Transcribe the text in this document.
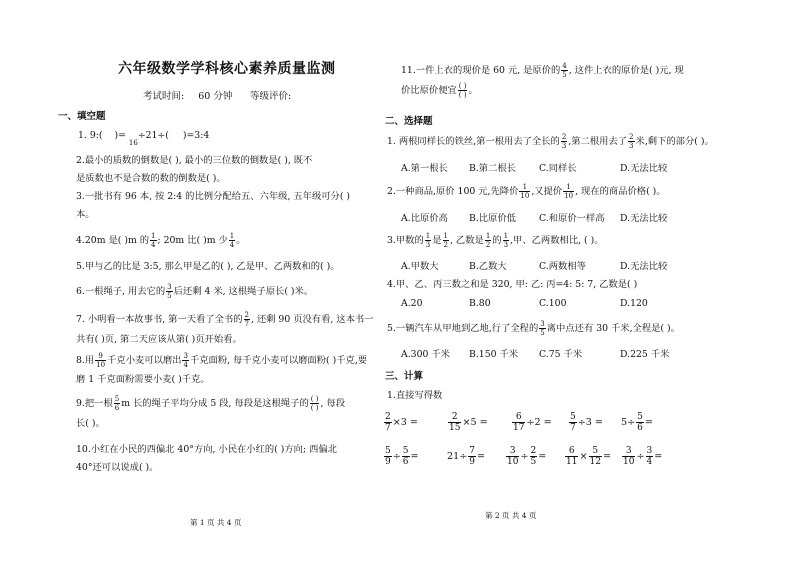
六年级数学学科核心素养质量监测
考试时间: 60 分钟 等级评价:
一、填空题
1. 9:( )= 16÷21÷( )=3:4
2.最小的质数的倒数是( ), 最小的三位数的倒数是( ), 既不
是质数也不是合数的数的倒数是( )。
3.一批书有 96 本, 按 2:4 的比例分配给五、六年级, 五年级可分( )
本。
4.20m 是( )m 的 $\frac{1}{4}$ ; 20m 比( )m 少 $\frac{1}{4}$ 。
5.甲与乙的比是 3:5, 那么甲是乙的( ), 乙是甲、乙两数和的( )。
6.一根绳子, 用去它的 $\frac{3}{5}$ 后还剩 4 米, 这根绳子原长( )米。
7. 小明看一本故事书, 第一天看了全书的 $\frac{2}{7}$ , 还剩 90 页没有看, 这本书一
共有( )页, 第二天应该从第( )页开始看。
8.用 $\frac{9}{10}$ 千克小麦可以磨出 $\frac{3}{4}$ 千克面粉, 每千克小麦可以磨面粉( )千克,要
磨 1 千克面粉需要小麦( )千克。
9.把一根 $\frac{5}{6}$ m 长的绳子平均分成 5 段, 每段是这根绳子的 $\frac{( )}{( )}$ , 每段
长( )。
10.小红在小民的西偏北 40°方向, 小民在小红的( )方向; 西偏北
40°还可以说成( )。
第 1 页 共 4 页
11.一件上衣的现价是 60 元, 是原价的 $\frac{4}{5}$ , 这件上衣的原价是( )元, 现
价比原价便宜 $\frac{( )}{( )}$ 。
二、选择题
1. 两根同样长的铁丝,第一根用去了全长的 $\frac{2}{3}$ ,第二根用去了 $\frac{2}{3}$ 米,剩下的部分( )。
A.第一根长 B.第二根长 C.同样长	D.无法比较
2.一种商品,原价 100 元,先降价 $\frac{1}{10}$ ,又提价 $\frac{1}{10}$ , 现在的商品价格( )。
A.比原价高 B.比原价低 C.和原价一样高 D.无法比较
3.甲数的 $\frac{1}{3}$ 是 $\frac{1}{2}$ , 乙数是 $\frac{1}{2}$ 的 $\frac{1}{3}$ ,甲、乙两数相比, ( )。
A.甲数大	B.乙数大	C.两数相等	D.无法比较
4.甲、乙、丙三数之和是 320, 甲: 乙: 丙=4: 5: 7, 乙数是( )
A.20	B.80	C.100	D.120
5.一辆汽车从甲地到乙地,行了全程的 $\frac{3}{5}$ 离中点还有 30 千米,全程是( )。
A.300 千米 B.150 千米 C.75 千米	D.225 千米
三、计算
1.直接写得数
$\frac{2}{7} \times 3$ =	$\frac{2}{15} \times 5$ =	$\frac{6}{17} \div 2 = \frac{5}{7} \div 3 = 5\div \frac{5}{6}$ =
$\frac{5}{9} \div \frac{5}{6}$ =	$21\div \frac{7}{9} = \frac{3}{10} \div \frac{2}{5} = \frac{6}{11} \times \frac{5}{12} = \frac{3}{10} \div \frac{3}{4}$ =
第 2 页 共 4 页
